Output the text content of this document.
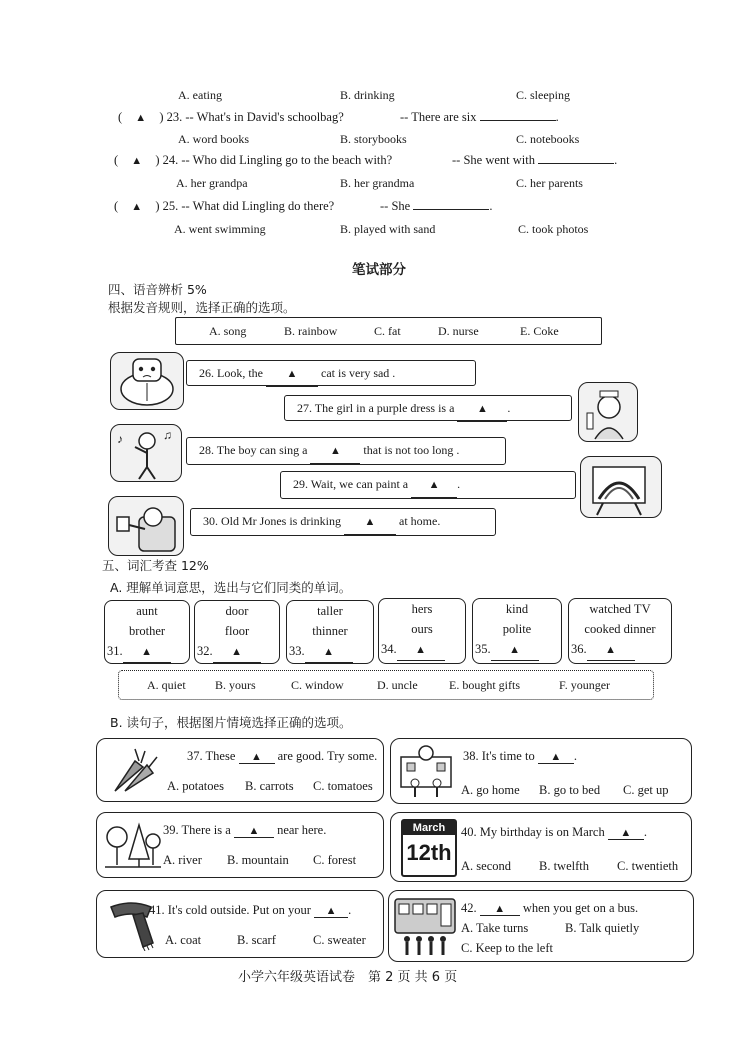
A. eating	B. drinking	C. sleeping
( ▲ ) 23. -- What's in David's schoolbag?	-- There are six	.
A. word books	B. storybooks	C. notebooks
( ▲ ) 24. -- Who did Lingling go to the beach with?	-- She went with	.
A. her grandpa	B. her grandma	C. her parents
( ▲ ) 25. -- What did Lingling do there?	-- She	.
A. went swimming	B. played with sand	C. took photos
笔试部分
四、语音辨析 5%
根据发音规则，选择正确的选项。
A. song	B. rainbow	C. fat	D. nurse	E. Coke
26. Look, the ▲ cat is very sad .
27. The girl in a purple dress is a ▲ .
♪	♫
28. The boy can sing a ▲ that is not too long .
29. Wait, we can paint a ▲ .
30. Old Mr Jones is drinking ▲ at home.
五、词汇考查 12%
A. 理解单词意思，选出与它们同类的单词。
aunt
brother
31. ▲
door
floor
32. ▲
taller
thinner
33. ▲
hers
ours
34. ▲
kind
polite
35. ▲
watched TV
cooked dinner
36. ▲
A. quiet B. yours	C. window	D. uncle	E. bought gifts	F. younger
B. 读句子，根据图片情境选择正确的选项。
37. These ▲ are good. Try some.
A. potatoes B. carrots C. tomatoes
38. It's time to ▲ .
A. go home B. go to bed C. get up
39. There is a ▲ near here.
A. river B. mountain C. forest
March
12th
40. My birthday is on March ▲ .
A. second B. twelfth C. twentieth
41. It's cold outside. Put on your ▲ .
A. coat	B. scarf	C. sweater
42. ▲ when you get on a bus.
A. Take turns	B. Talk quietly
C. Keep to the left
小学六年级英语试卷　第 2 页 共 6 页
